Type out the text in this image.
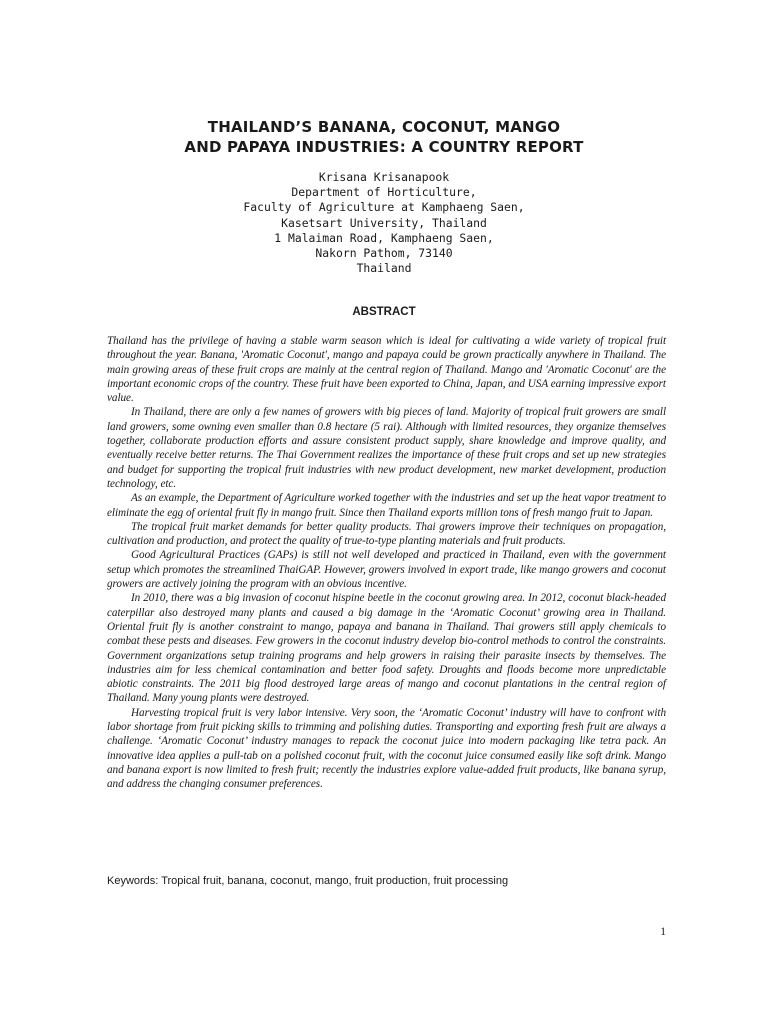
THAILAND’S BANANA, COCONUT, MANGO
AND PAPAYA INDUSTRIES: A COUNTRY REPORT
Krisana Krisanapook
Department of Horticulture,
Faculty of Agriculture at Kamphaeng Saen,
Kasetsart University, Thailand
1 Malaiman Road, Kamphaeng Saen,
Nakorn Pathom, 73140
Thailand
ABSTRACT

Thailand has the privilege of having a stable warm season which is ideal for cultivating a wide variety of tropical fruit throughout the year. Banana, 'Aromatic Coconut', mango and papaya could be grown practically anywhere in Thailand. The main growing areas of these fruit crops are mainly at the central region of Thailand. Mango and 'Aromatic Coconut' are the important economic crops of the country. These fruit have been exported to China, Japan, and USA earning impressive export value.

In Thailand, there are only a few names of growers with big pieces of land. Majority of tropical fruit growers are small land growers, some owning even smaller than 0.8 hectare (5 rai). Although with limited resources, they organize themselves together, collaborate production efforts and assure consistent product supply, share knowledge and improve quality, and eventually receive better returns. The Thai Government realizes the importance of these fruit crops and set up new strategies and budget for supporting the tropical fruit industries with new product development, new market development, production technology, etc.

As an example, the Department of Agriculture worked together with the industries and set up the heat vapor treatment to eliminate the egg of oriental fruit fly in mango fruit. Since then Thailand exports million tons of fresh mango fruit to Japan.

The tropical fruit market demands for better quality products. Thai growers improve their techniques on propagation, cultivation and production, and protect the quality of true-to-type planting materials and fruit products.

Good Agricultural Practices (GAPs) is still not well developed and practiced in Thailand, even with the government setup which promotes the streamlined ThaiGAP. However, growers involved in export trade, like mango growers and coconut growers are actively joining the program with an obvious incentive.

In 2010, there was a big invasion of coconut hispine beetle in the coconut growing area. In 2012, coconut black-headed caterpillar also destroyed many plants and caused a big damage in the ‘Aromatic Coconut’ growing area in Thailand. Oriental fruit fly is another constraint to mango, papaya and banana in Thailand. Thai growers still apply chemicals to combat these pests and diseases. Few growers in the coconut industry develop bio-control methods to control the constraints. Government organizations setup training programs and help growers in raising their parasite insects by themselves. The industries aim for less chemical contamination and better food safety. Droughts and floods become more unpredictable abiotic constraints. The 2011 big flood destroyed large areas of mango and coconut plantations in the central region of Thailand. Many young plants were destroyed.

Harvesting tropical fruit is very labor intensive. Very soon, the ‘Aromatic Coconut’ industry will have to confront with labor shortage from fruit picking skills to trimming and polishing duties. Transporting and exporting fresh fruit are always a challenge. ‘Aromatic Coconut’ industry manages to repack the coconut juice into modern packaging like tetra pack. An innovative idea applies a pull-tab on a polished coconut fruit, with the coconut juice consumed easily like soft drink. Mango and banana export is now limited to fresh fruit; recently the industries explore value-added fruit products, like banana syrup, and address the changing consumer preferences.

Keywords: Tropical fruit, banana, coconut, mango, fruit production, fruit processing
1
